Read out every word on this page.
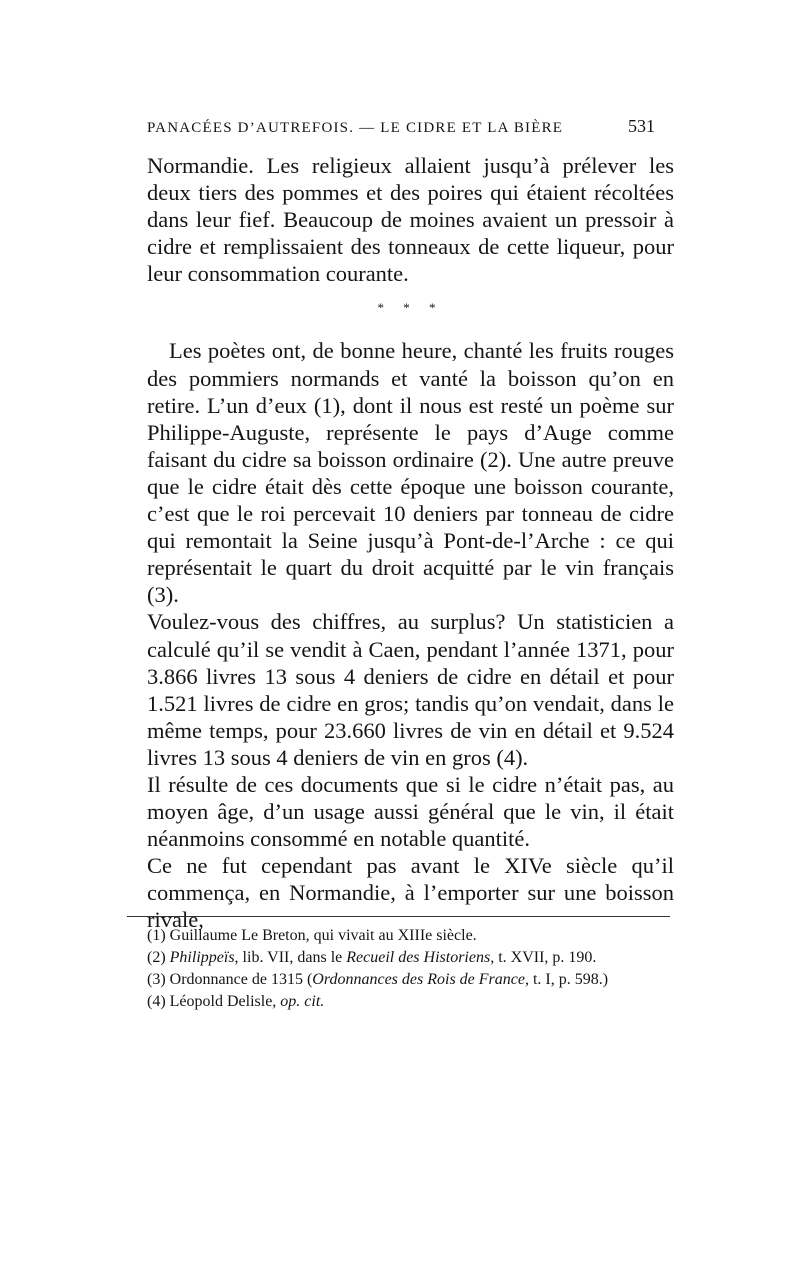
PANACÉES D’AUTREFOIS. — LE CIDRE ET LA BIÈRE	531

Normandie. Les religieux allaient jusqu’à prélever les deux tiers des pommes et des poires qui étaient récoltées dans leur fief. Beaucoup de moines avaient un pressoir à cidre et remplissaient des tonneaux de cette liqueur, pour leur consommation courante.

* * *

Les poètes ont, de bonne heure, chanté les fruits rouges des pommiers normands et vanté la boisson qu’on en retire. L’un d’eux (1), dont il nous est resté un poème sur Philippe-Auguste, représente le pays d’Auge comme faisant du cidre sa boisson ordinaire (2). Une autre preuve que le cidre était dès cette époque une boisson courante, c’est que le roi percevait 10 deniers par tonneau de cidre qui remontait la Seine jusqu’à Pont-de-l’Arche : ce qui représentait le quart du droit acquitté par le vin français (3).

Voulez-vous des chiffres, au surplus? Un statisticien a calculé qu’il se vendit à Caen, pendant l’année 1371, pour 3.866 livres 13 sous 4 deniers de cidre en détail et pour 1.521 livres de cidre en gros; tandis qu’on vendait, dans le même temps, pour 23.660 livres de vin en détail et 9.524 livres 13 sous 4 deniers de vin en gros (4).

Il résulte de ces documents que si le cidre n’était pas, au moyen âge, d’un usage aussi général que le vin, il était néanmoins consommé en notable quantité.

Ce ne fut cependant pas avant le XIVe siècle qu’il commença, en Normandie, à l’emporter sur une boisson rivale,

(1) Guillaume Le Breton, qui vivait au XIIIe siècle.

(2) Philippeïs, lib. VII, dans le Recueil des Historiens, t. XVII, p. 190.

(3) Ordonnance de 1315 (Ordonnances des Rois de France, t. I, p. 598.)

(4) Léopold Delisle, op. cit.
